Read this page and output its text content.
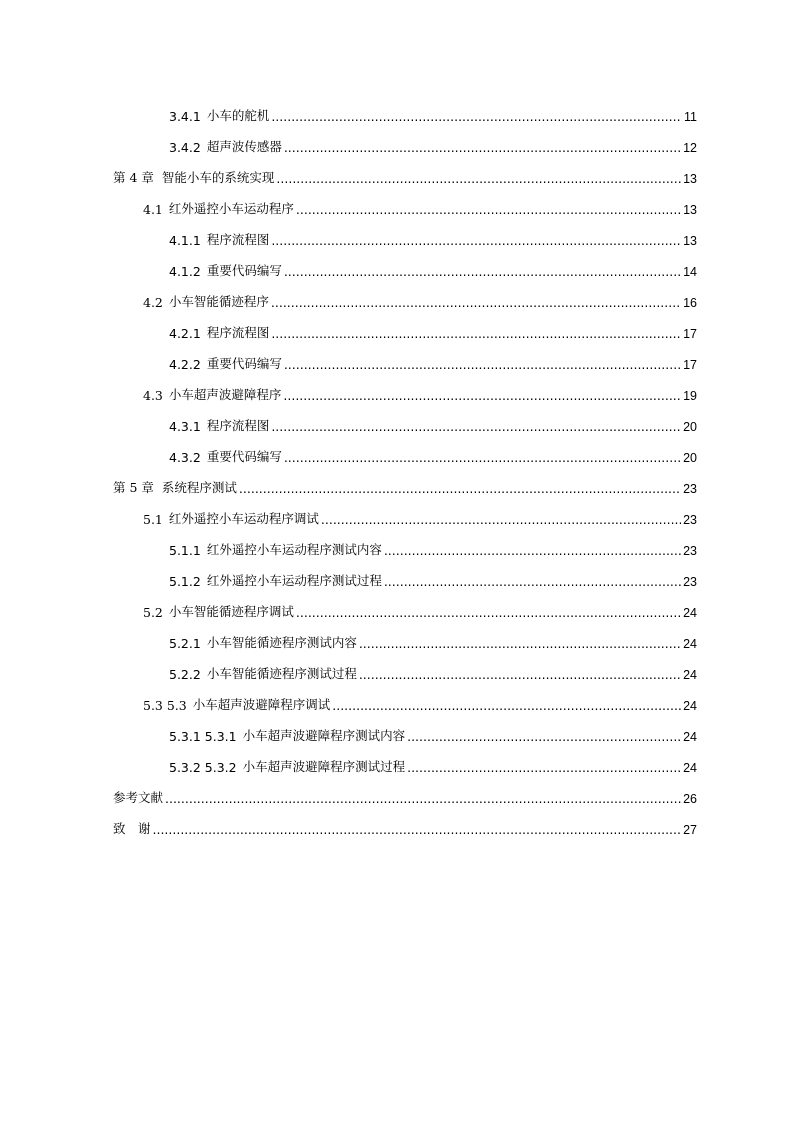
3.4.1 小车的舵机 .....	11
3.4.2 超声波传感器 .....	12
第 4 章 智能小车的系统实现 .....	13
4.1 红外遥控小车运动程序 .....	13
4.1.1 程序流程图 .....	13
4.1.2 重要代码编写 .....	14
4.2 小车智能循迹程序 .....	16
4.2.1 程序流程图 .....	17
4.2.2 重要代码编写 .....	17
4.3 小车超声波避障程序 .....	19
4.3.1 程序流程图 .....	20
4.3.2 重要代码编写 .....	20
第 5 章 系统程序测试 .....	23
5.1 红外遥控小车运动程序调试 .....	23
5.1.1 红外遥控小车运动程序测试内容 .....	23
5.1.2 红外遥控小车运动程序测试过程 .....	23
5.2 小车智能循迹程序调试 .....	24
5.2.1 小车智能循迹程序测试内容 .....	24
5.2.2 小车智能循迹程序测试过程 .....	24
5.3 5.3 小车超声波避障程序调试 .....	24
5.3.1 5.3.1 小车超声波避障程序测试内容 .....	24
5.3.2 5.3.2 小车超声波避障程序测试过程 .....	24
参考文献 .....	26
致　谢 .....	27
